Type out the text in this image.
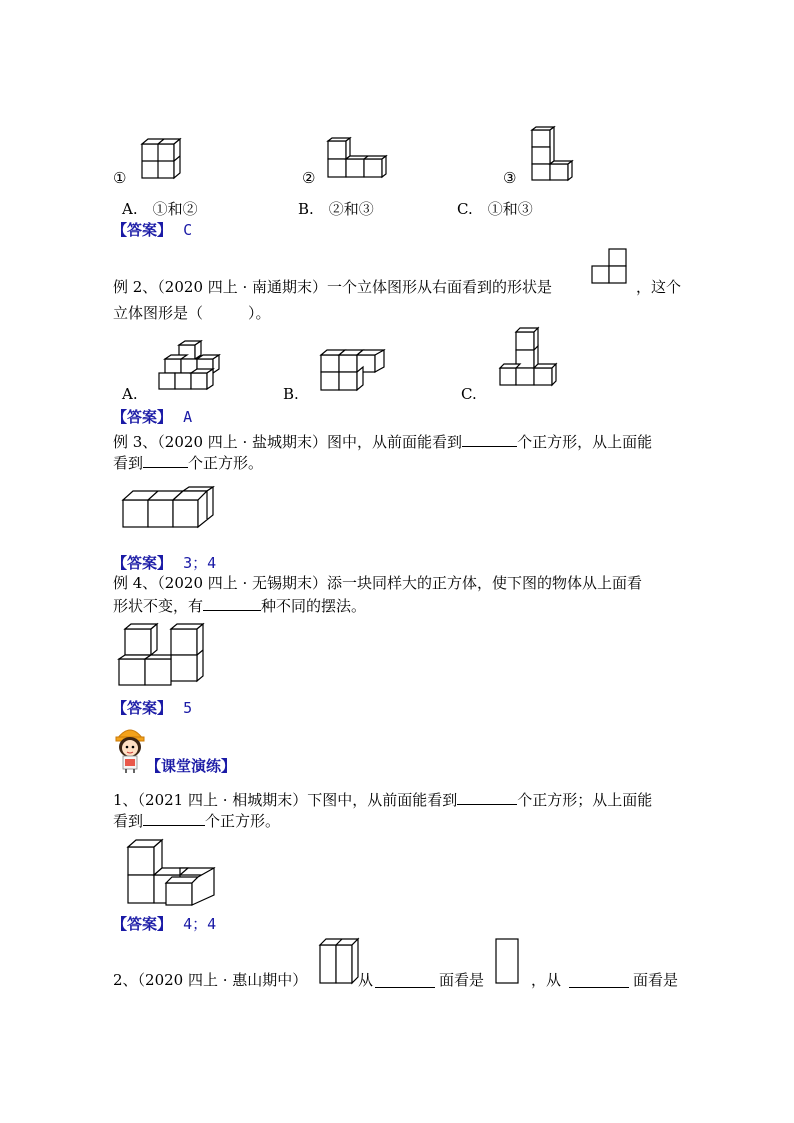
①	②	③
A.　①和②	B.　②和③	C.　①和③
【答案】 C
例 2、（2020 四上 · 南通期末）一个立体图形从右面看到的形状是	，这个
立体图形是（　　　）。
A.	B.	C.
【答案】 A
例 3、（2020 四上 · 盐城期末）图中，从前面能看到	个正方形，从上面能
看到	个正方形。
【答案】 3；4
例 4、（2020 四上 · 无锡期末）添一块同样大的正方体，使下图的物体从上面看
形状不变，有	种不同的摆法。
【答案】 5
【课堂演练】
1、（2021 四上 · 相城期末）下图中，从前面能看到	个正方形；从上面能
看到	个正方形。
【答案】 4；4
2、（2020 四上 · 惠山期中）	从	面看是	，从	面看是
